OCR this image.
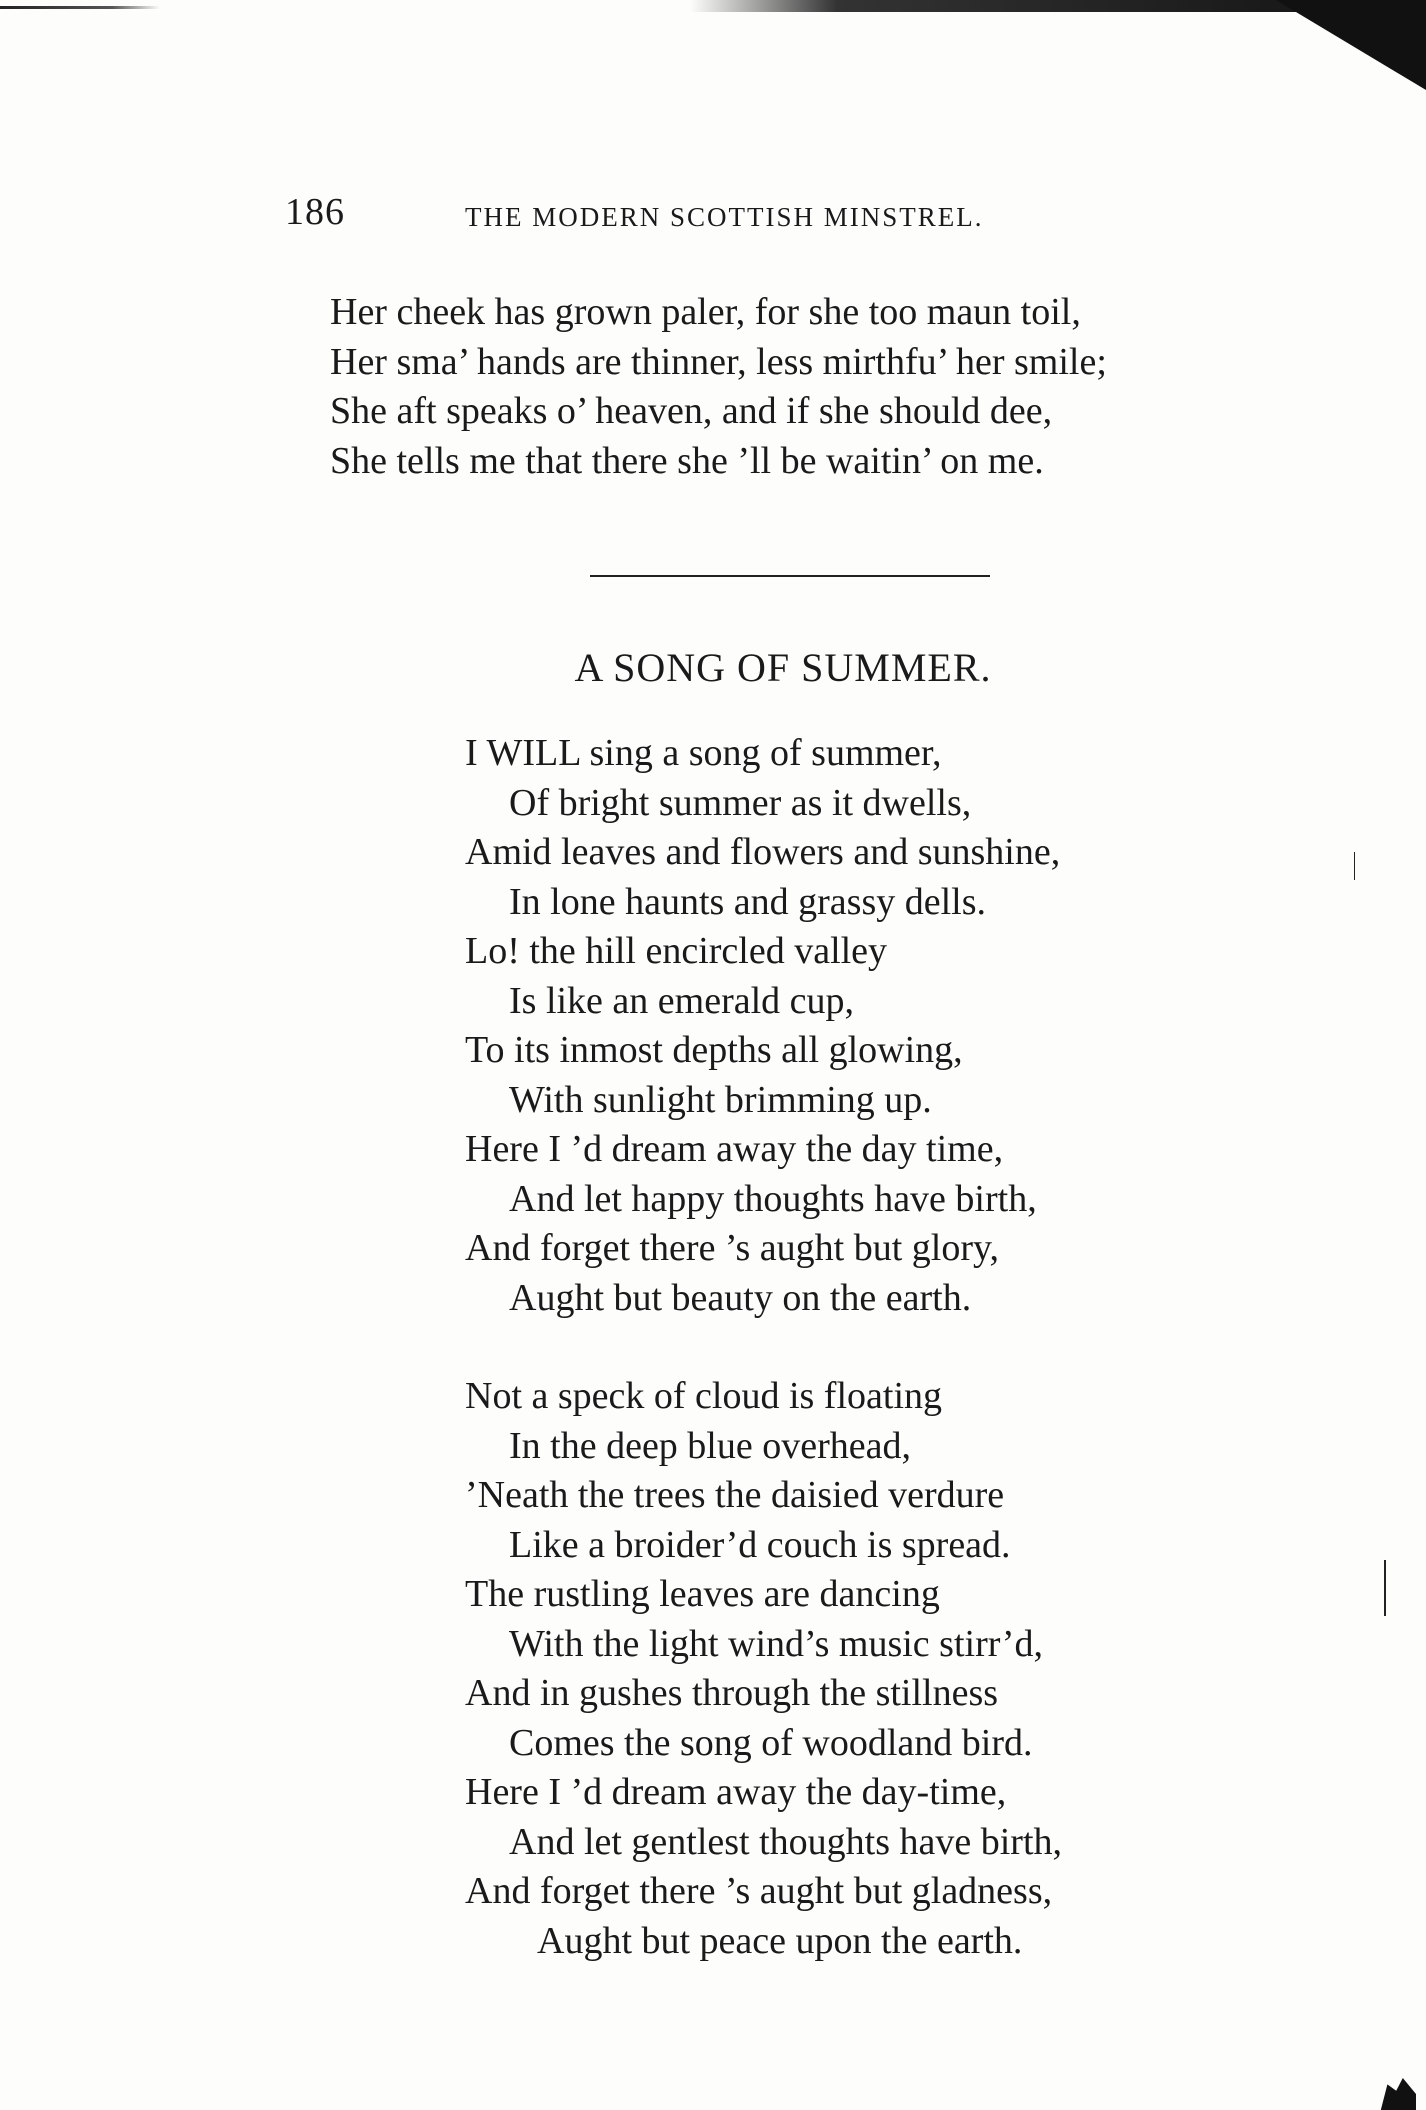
186	THE MODERN SCOTTISH MINSTREL.
Her cheek has grown paler, for she too maun toil,
Her sma’ hands are thinner, less mirthfu’ her smile;
She aft speaks o’ heaven, and if she should dee,
She tells me that there she ’ll be waitin’ on me.
A SONG OF SUMMER.
I WILL sing a song of summer,
Of bright summer as it dwells,
Amid leaves and flowers and sunshine,
In lone haunts and grassy dells.
Lo! the hill encircled valley
Is like an emerald cup,
To its inmost depths all glowing,
With sunlight brimming up.
Here I ’d dream away the day time,
And let happy thoughts have birth,
And forget there ’s aught but glory,
Aught but beauty on the earth.
Not a speck of cloud is floating
In the deep blue overhead,
’Neath the trees the daisied verdure
Like a broider’d couch is spread.
The rustling leaves are dancing
With the light wind’s music stirr’d,
And in gushes through the stillness
Comes the song of woodland bird.
Here I ’d dream away the day-time,
And let gentlest thoughts have birth,
And forget there ’s aught but gladness,
Aught but peace upon the earth.
